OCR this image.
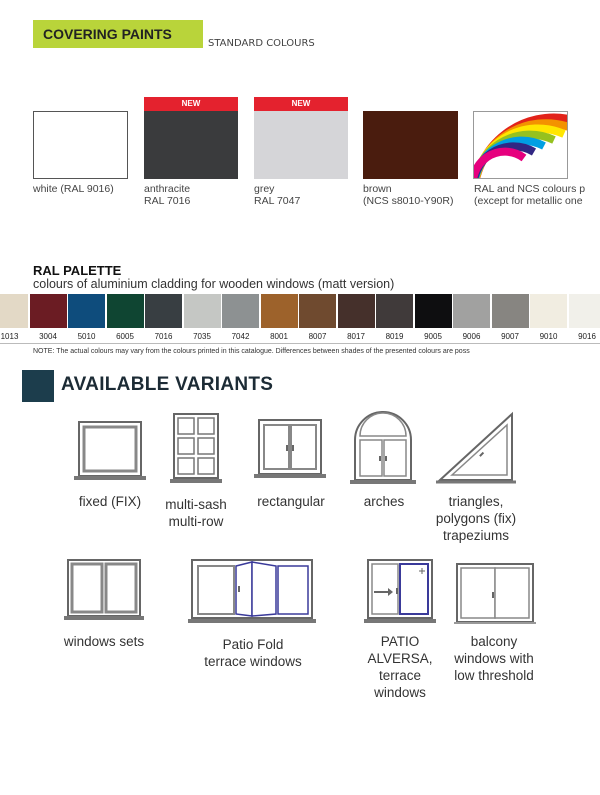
COVERING PAINTS
STANDARD COLOURS
NEW	NEW
white (RAL 9016)	anthracite
RAL 7016
grey
RAL 7047
brown
(NCS s8010-Y90R)
RAL and NCS colours p
(except for metallic one
RAL PALETTE
colours of aluminium cladding for wooden windows (matt version)
1013	3004	5010	6005	7016	7035	7042	8001	8007	8017	8019	9005	9006	9007	9010	9016
NOTE: The actual colours may vary from the colours printed in this catalogue. Differences between shades of the presented colours are poss
AVAILABLE VARIANTS
fixed (FIX)	multi-sash
multi-row
rectangular	arches	triangles,
polygons (fix)
trapeziums
windows sets	Patio Fold
terrace windows
PATIO
ALVERSA,
terrace
windows
balcony
windows with
low threshold
